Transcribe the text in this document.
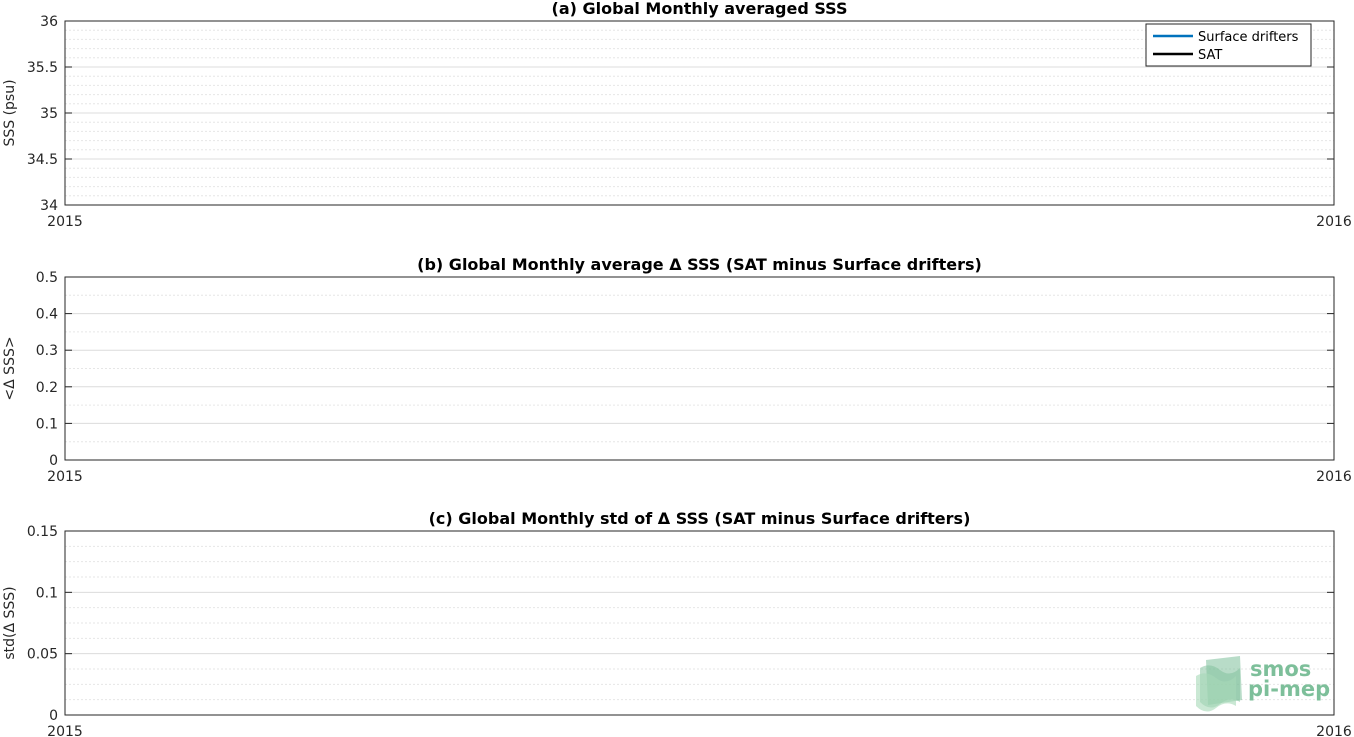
34
34.5
35
35.5
36
2015	2016
(a) Global Monthly averaged SSS
SSS (psu)
Surface drifters
SAT
0
0.1
0.2
0.3
0.4
0.5
2015	2016
(b) Global Monthly average Δ SSS (SAT minus Surface drifters)
<Δ SSS>
0
0.05
0.1
0.15
2015	2016
(c) Global Monthly std of Δ SSS (SAT minus Surface drifters)
std(Δ SSS)
smos
pi-mep
